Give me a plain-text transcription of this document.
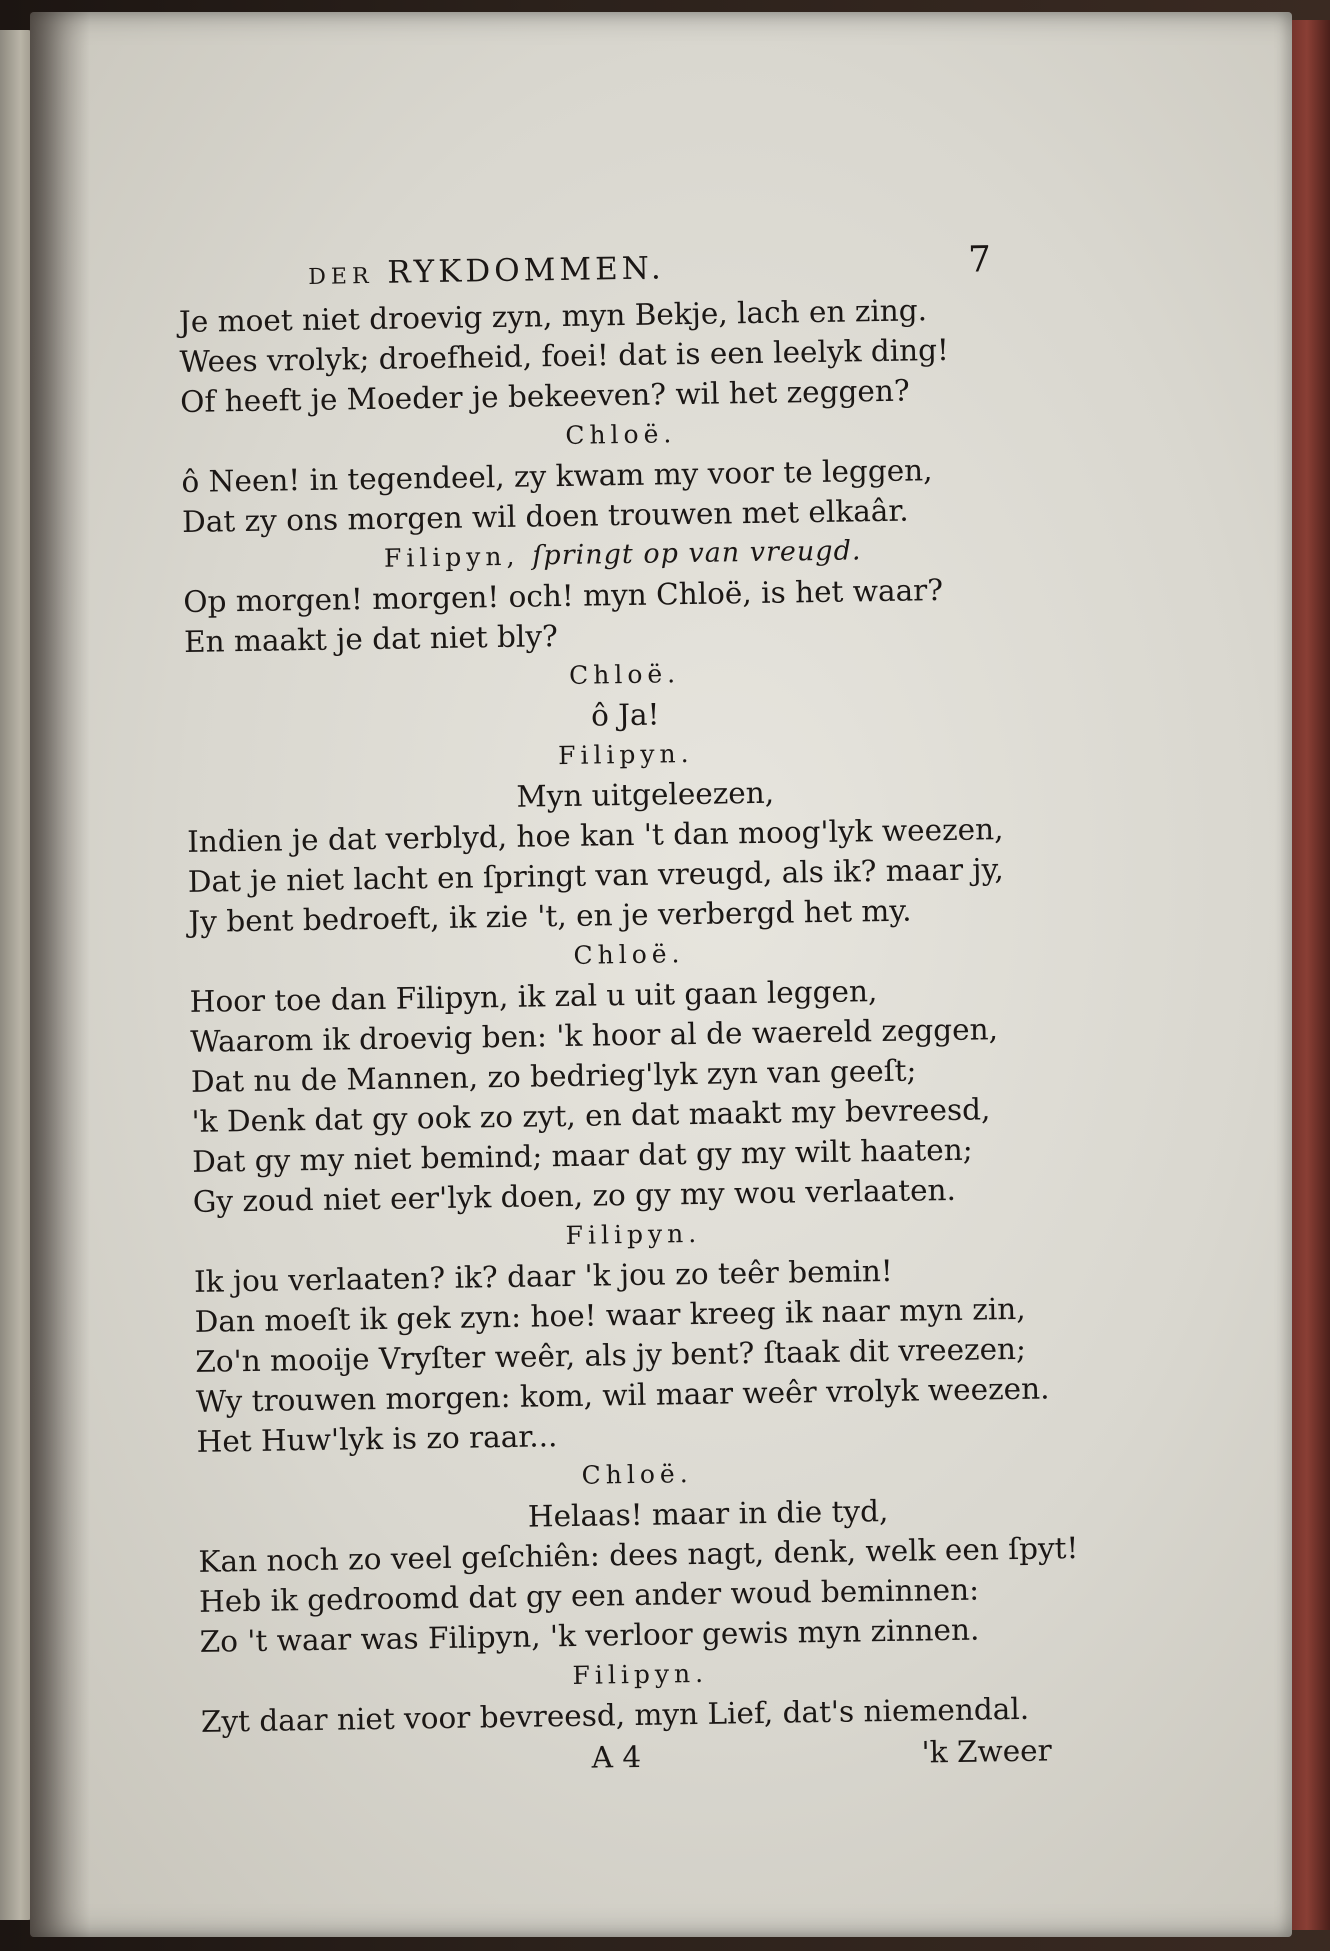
DER RYKDOMMEN.	7
Je moet niet droevig zyn, myn Bekje, lach en zing.
Wees vrolyk; droefheid, foei! dat is een leelyk ding!
Of heeft je Moeder je bekeeven? wil het zeggen?
Chloë.
ô Neen! in tegendeel, zy kwam my voor te leggen,
Dat zy ons morgen wil doen trouwen met elkaâr.
Filipyn, ſpringt op van vreugd.
Op morgen! morgen! och! myn Chloë, is het waar?
En maakt je dat niet bly?
Chloë.
ô Ja!
Filipyn.
Myn uitgeleezen,
Indien je dat verblyd, hoe kan 't dan moog'lyk weezen,
Dat je niet lacht en ſpringt van vreugd, als ik? maar jy,
Jy bent bedroeft, ik zie 't, en je verbergd het my.
Chloë.
Hoor toe dan Filipyn, ik zal u uit gaan leggen,
Waarom ik droevig ben: 'k hoor al de waereld zeggen,
Dat nu de Mannen, zo bedrieg'lyk zyn van geeſt;
'k Denk dat gy ook zo zyt, en dat maakt my bevreesd,
Dat gy my niet bemind; maar dat gy my wilt haaten;
Gy zoud niet eer'lyk doen, zo gy my wou verlaaten.
Filipyn.
Ik jou verlaaten? ik? daar 'k jou zo teêr bemin!
Dan moeſt ik gek zyn: hoe! waar kreeg ik naar myn zin,
Zo'n mooije Vryſter weêr, als jy bent? ſtaak dit vreezen;
Wy trouwen morgen: kom, wil maar weêr vrolyk weezen.
Het Huw'lyk is zo raar...
Chloë.
Helaas! maar in die tyd,
Kan noch zo veel geſchiên: dees nagt, denk, welk een ſpyt!
Heb ik gedroomd dat gy een ander woud beminnen:
Zo 't waar was Filipyn, 'k verloor gewis myn zinnen.
Filipyn.
Zyt daar niet voor bevreesd, myn Lief, dat's niemendal.
A 4	'k Zweer
